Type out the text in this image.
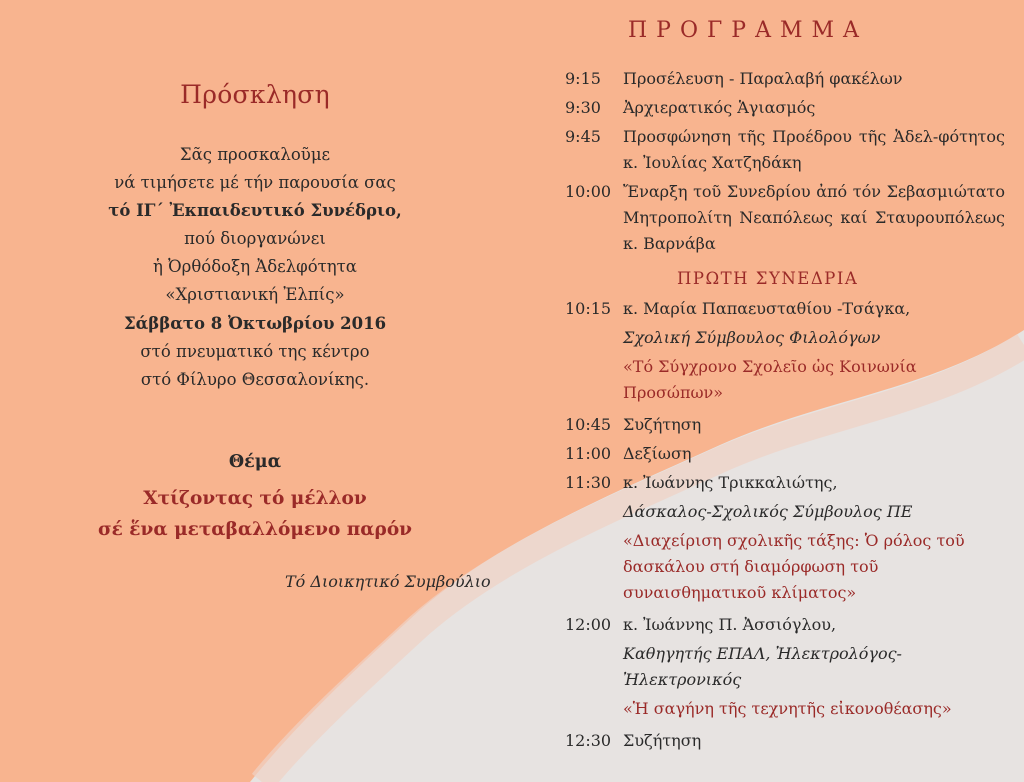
Πρόσκληση
Σᾶς προσκαλοῦμε
νά τιμήσετε μέ τήν παρουσία σας
τό ΙΓ΄ Ἐκπαιδευτικό Συνέδριο,
πού διοργανώνει
ἡ Ὀρθόδοξη Ἀδελφότητα
«Χριστιανική Ἐλπίς»
Σάββατο 8 Ὀκτωβρίου 2016
στό πνευματικό της κέντρο
στό Φίλυρο Θεσσαλονίκης.
Θέμα
Χτίζοντας τό μέλλον
σέ ἕνα μεταβαλλόμενο παρόν
Τό Διοικητικό Συμβούλιο
ΠΡΟΓΡΑΜΜΑ
9:15	Προσέλευση - Παραλαβή φακέλων
9:30	Ἀρχιερατικός Ἁγιασμός
9:45	Προσφώνηση τῆς Προέδρου τῆς Ἀδελ-φότητος κ. Ἰουλίας Χατζηδάκη
10:00 Ἔναρξη τοῦ Συνεδρίου ἀπό τόν Σεβασμιώτατο Μητροπολίτη Νεαπόλεως καί Σταυρουπόλεως κ. Βαρνάβα
ΠΡΩΤΗ ΣΥΝΕΔΡΙΑ
10:15 κ. Μαρία Παπαευσταθίου -Τσάγκα,
Σχολική Σύμβουλος Φιλολόγων
«Τό Σύγχρονο Σχολεῖο ὡς Κοινωνία Προσώπων»
10:45 Συζήτηση
11:00 Δεξίωση
11:30 κ. Ἰωάννης Τρικκαλιώτης,
Δάσκαλος-Σχολικός Σύμβουλος ΠΕ
«Διαχείριση σχολικῆς τάξης: Ὁ ρόλος τοῦ δασκάλου στή διαμόρφωση τοῦ συναισθηματικοῦ κλίματος»
12:00 κ. Ἰωάννης Π. Ἀσσιόγλου,
Καθηγητής ΕΠΑΛ, Ἠλεκτρολόγος-Ἠλεκτρονικός
«Ἡ σαγήνη τῆς τεχνητῆς εἰκονοθέασης»
12:30 Συζήτηση
